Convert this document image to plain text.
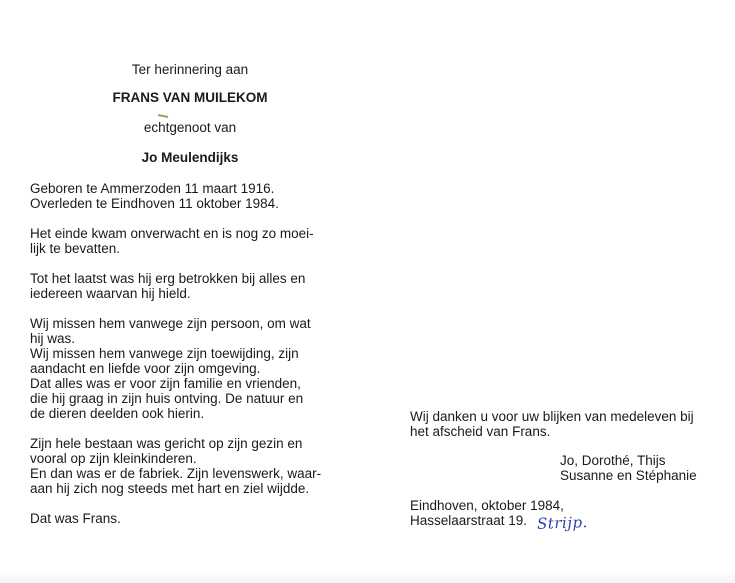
Ter herinnering aan
FRANS VAN MUILEKOM
echtgenoot van
Jo Meulendijks
Geboren te Ammerzoden 11 maart 1916.
Overleden te Eindhoven 11 oktober 1984.
Het einde kwam onverwacht en is nog zo moei-
lijk te bevatten.
Tot het laatst was hij erg betrokken bij alles en
iedereen waarvan hij hield.
Wij missen hem vanwege zijn persoon, om wat
hij was.
Wij missen hem vanwege zijn toewijding, zijn
aandacht en liefde voor zijn omgeving.
Dat alles was er voor zijn familie en vrienden,
die hij graag in zijn huis ontving. De natuur en
de dieren deelden ook hierin.
Zijn hele bestaan was gericht op zijn gezin en
vooral op zijn kleinkinderen.
En dan was er de fabriek. Zijn levenswerk, waar-
aan hij zich nog steeds met hart en ziel wijdde.
Dat was Frans.
Wij danken u voor uw blijken van medeleven bij
het afscheid van Frans.
Jo, Dorothé, Thijs
Susanne en Stéphanie
Eindhoven, oktober 1984,
Hasselaarstraat 19. Strijp.
